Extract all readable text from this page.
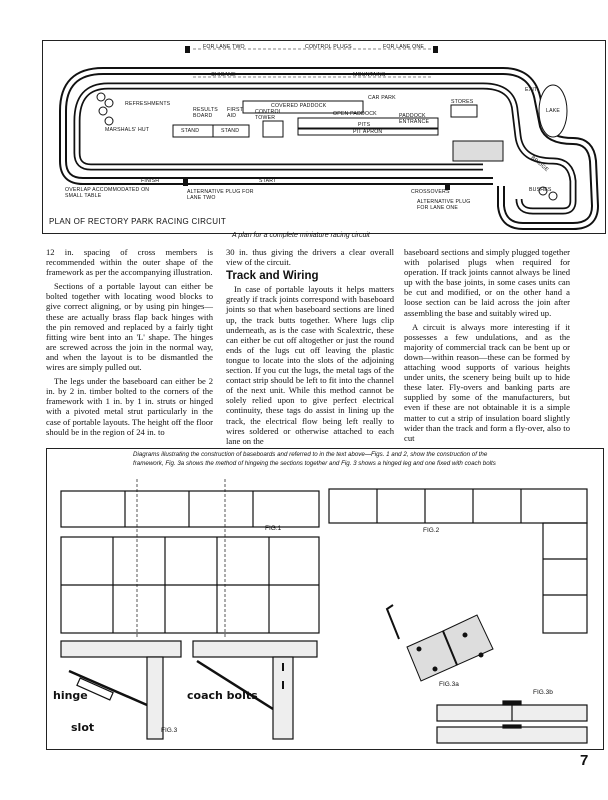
FOR LANE TWO	CONTROL PLUGS	FOR LANE ONE
CHICANE	MOUNTAINS
EXIT
REFRESHMENTS
RESULTS BOARD
FIRST AID
COVERED PADDOCK
CAR PARK
STORES
LAKE
MARSHALS' HUT	STAND	STAND
CONTROL TOWER
OPEN PADDOCK
PITS
PIT APRON
PADDOCK ENTRANCE
BRIDGE
FINISH	START
BUSHES
OVERLAP ACCOMMODATED ON SMALL TABLE
ALTERNATIVE PLUG FOR LANE TWO
CROSSOVERS
ALTERNATIVE PLUG FOR LANE ONE
PLAN OF RECTORY PARK RACING CIRCUIT
A plan for a complete miniature racing circuit

12 in. spacing of cross members is recommended within the outer shape of the framework as per the accompanying illustration.

Sections of a portable layout can either be bolted together with locating wood blocks to give correct aligning, or by using pin hinges—these are actually brass flap back hinges with the pin removed and replaced by a fairly tight fitting wire bent into an 'L' shape. The hinges are screwed across the join in the normal way, and when the layout is to be dismantled the wires are simply pulled out.

The legs under the baseboard can either be 2 in. by 2 in. timber bolted to the corners of the framework with 1 in. by 1 in. struts or hinged with a pivoted metal strut particularly in the case of portable layouts. The height off the floor should be in the region of 24 in. to

30 in. thus giving the drivers a clear overall view of the circuit.

Track and Wiring

In case of portable layouts it helps matters greatly if track joints correspond with baseboard joints so that when baseboard sections are lined up, the track butts together. Where lugs clip underneath, as is the case with Scalextric, these can either be cut off altogether or just the round ends of the lugs cut off leaving the plastic tongue to locate into the slots of the adjoining section. If you cut the lugs, the metal tags of the contact strip should be left to fit into the channel of the next unit. While this method cannot be solely relied upon to give perfect electrical continuity, these tags do assist in lining up the track, the electrical flow being left really to wires soldered or otherwise attached to each lane on the

baseboard sections and simply plugged together with polarised plugs when required for operation. If track joints cannot always be lined up with the base joints, in some cases units can be cut and modified, or on the other hand a loose section can be laid across the join after assembling the base and suitably wired up.

A circuit is always more interesting if it possesses a few undulations, and as the majority of commercial track can be bent up or down—within reason—these can be formed by attaching wood supports of various heights under units, the scenery being built up to hide these later. Fly-overs and banking parts are supplied by some of the manufacturers, but even if these are not obtainable it is a simple matter to cut a strip of insulation board slightly wider than the track and form a fly-over, also to cut

Diagrams illustrating the construction of baseboards and referred to in the text above—Figs. 1 and 2, show the construction of the framework, Fig. 3a shows the method of hingeing the sections together and Fig. 3 shows a hinged leg and one fixed with coach bolts
FIG.1	FIG.2
FIG.3a
FIG.3b
FIG.3
hinge
slot
coach bolts
7
